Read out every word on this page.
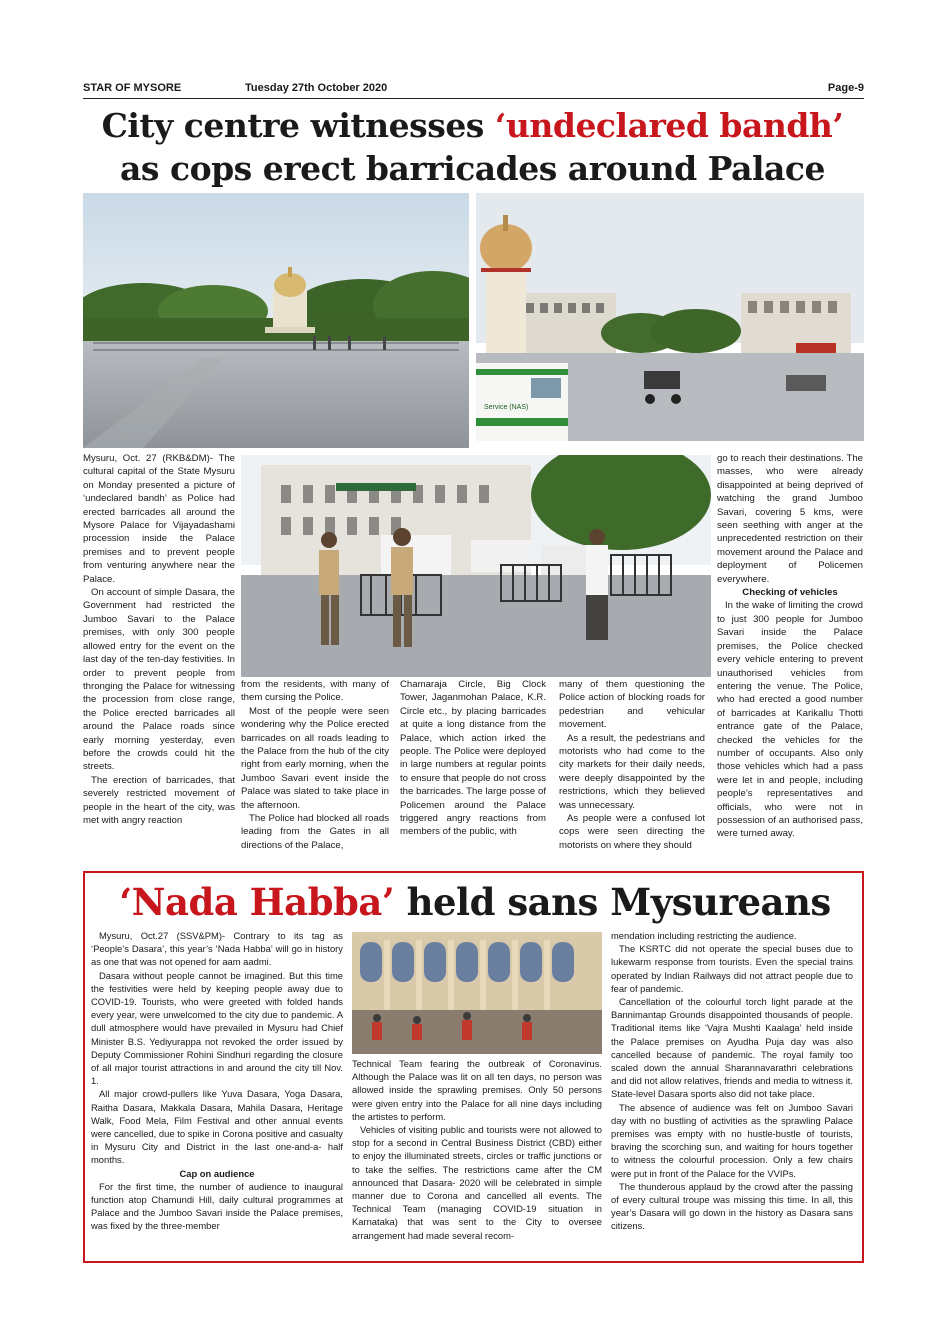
STAR OF MYSORE	Tuesday 27th October 2020	Page-9
City centre witnesses ‘undeclared bandh’
as cops erect barricades around Palace
Service (NAS)

Mysuru, Oct. 27 (RKB&DM)- The cultural capital of the State Mysuru on Monday presented a picture of ‘undeclared bandh’ as Police had erected barricades all around the Mysore Palace for Vijayadashami procession inside the Palace premises and to prevent people from venturing anywhere near the Palace.

On account of simple Dasara, the Government had restricted the Jumboo Savari to the Palace premises, with only 300 people allowed entry for the event on the last day of the ten-day festivities. In order to prevent people from thronging the Palace for witnessing the procession from close range, the Police erected barricades all around the Palace roads since early morning yesterday, even before the crowds could hit the streets.

The erection of barricades, that severely restricted movement of people in the heart of the city, was met with angry reaction

from the residents, with many of them cursing the Police.

Most of the people were seen wondering why the Police erected barricades on all roads leading to the Palace from the hub of the city right from early morning, when the Jumboo Savari event inside the Palace was slated to take place in the afternoon.

The Police had blocked all roads leading from the Gates in all directions of the Palace,

Chamaraja Circle, Big Clock Tower, Jaganmohan Palace, K.R. Circle etc., by placing barricades at quite a long distance from the Palace, which action irked the people. The Police were deployed in large numbers at regular points to ensure that people do not cross the barricades. The large posse of Policemen around the Palace triggered angry reactions from members of the public, with

many of them questioning the Police action of blocking roads for pedestrian and vehicular movement.

As a result, the pedestrians and motorists who had come to the city markets for their daily needs, were deeply disappointed by the restrictions, which they believed was unnecessary.

As people were a confused lot cops were seen directing the motorists on where they should

go to reach their destinations. The masses, who were already disappointed at being deprived of watching the grand Jumboo Savari, covering 5 kms, were seen seething with anger at the unprecedented restriction on their movement around the Palace and deployment of Policemen everywhere.

Checking of vehicles

In the wake of limiting the crowd to just 300 people for Jumboo Savari inside the Palace premises, the Police checked every vehicle entering to prevent unauthorised vehicles from entering the venue. The Police, who had erected a good number of barricades at Karikallu Thotti entrance gate of the Palace, checked the vehicles for the number of occupants. Also only those vehicles which had a pass were let in and people, including people’s representatives and officials, who were not in possession of an authorised pass, were turned away.

‘Nada Habba’ held sans Mysureans

Mysuru, Oct.27 (SSV&PM)- Contrary to its tag as ‘People’s Dasara’, this year’s ‘Nada Habba’ will go in history as one that was not opened for aam aadmi.

Dasara without people cannot be imagined. But this time the festivities were held by keeping people away due to COVID-19. Tourists, who were greeted with folded hands every year, were unwelcomed to the city due to pandemic. A dull atmosphere would have prevailed in Mysuru had Chief Minister B.S. Yediyurappa not revoked the order issued by Deputy Commissioner Rohini Sindhuri regarding the closure of all major tourist attractions in and around the city till Nov. 1.

All major crowd-pullers like Yuva Dasara, Yoga Dasara, Raitha Dasara, Makkala Dasara, Mahila Dasara, Heritage Walk, Food Mela, Film Festival and other annual events were cancelled, due to spike in Corona positive and casualty in Mysuru City and District in the last one-and-a- half months.

Cap on audience

For the first time, the number of audience to inaugural function atop Chamundi Hill, daily cultural programmes at Palace and the Jumboo Savari inside the Palace premises, was fixed by the three-member

Technical Team fearing the outbreak of Coronavirus. Although the Palace was lit on all ten days, no person was allowed inside the sprawling premises. Only 50 persons were given entry into the Palace for all nine days including the artistes to perform.

Vehicles of visiting public and tourists were not allowed to stop for a second in Central Business District (CBD) either to enjoy the illuminated streets, circles or traffic junctions or to take the selfies. The restrictions came after the CM announced that Dasara- 2020 will be celebrated in simple manner due to Corona and cancelled all events. The Technical Team (managing COVID-19 situation in Karnataka) that was sent to the City to oversee arrangement had made several recom-

mendation including restricting the audience.

The KSRTC did not operate the special buses due to lukewarm response from tourists. Even the special trains operated by Indian Railways did not attract people due to fear of pandemic.

Cancellation of the colourful torch light parade at the Bannimantap Grounds disappointed thousands of people. Traditional items like ‘Vajra Mushti Kaalaga’ held inside the Palace premises on Ayudha Puja day was also cancelled because of pandemic. The royal family too scaled down the annual Sharannavarathri celebrations and did not allow relatives, friends and media to witness it. State-level Dasara sports also did not take place.

The absence of audience was felt on Jumboo Savari day with no bustling of activities as the sprawling Palace premises was empty with no hustle-bustle of tourists, braving the scorching sun, and waiting for hours together to witness the colourful procession. Only a few chairs were put in front of the Palace for the VVIPs.

The thunderous applaud by the crowd after the passing of every cultural troupe was missing this time. In all, this year’s Dasara will go down in the history as Dasara sans citizens.
